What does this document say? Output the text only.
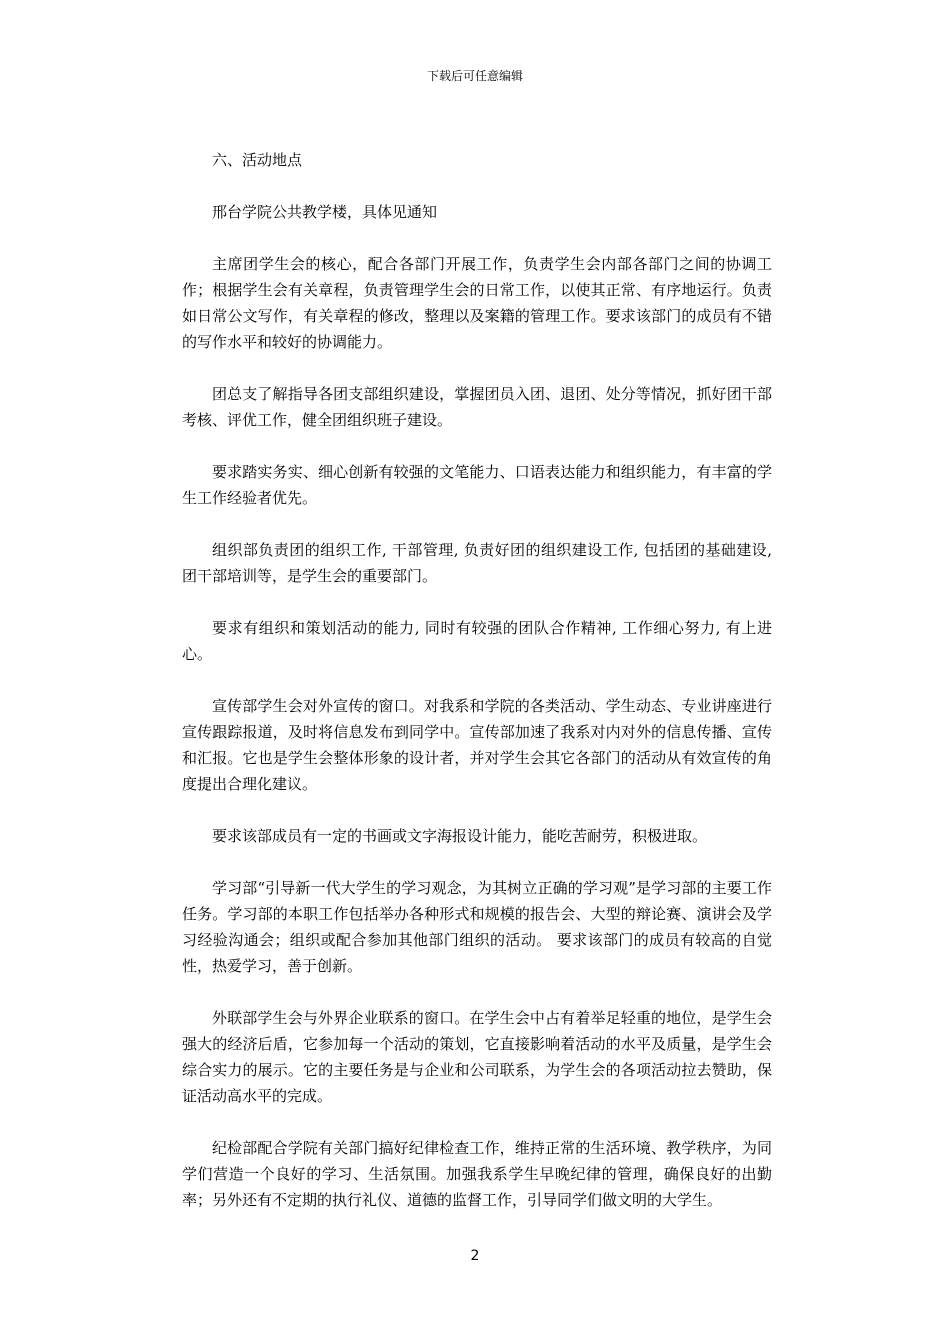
下载后可任意编辑

六、活动地点

邢台学院公共教学楼，具体见通知

主席团学生会的核心，配合各部门开展工作，负责学生会内部各部门之间的协调工作；根据学生会有关章程，负责管理学生会的日常工作，以使其正常、有序地运行。负责如日常公文写作，有关章程的修改，整理以及案籍的管理工作。要求该部门的成员有不错的写作水平和较好的协调能力。

团总支了解指导各团支部组织建设，掌握团员入团、退团、处分等情况，抓好团干部考核、评优工作，健全团组织班子建设。

要求踏实务实、细心创新有较强的文笔能力、口语表达能力和组织能力，有丰富的学生工作经验者优先。

组织部负责团的组织工作, 干部管理, 负责好团的组织建设工作, 包括团的基础建设, 团干部培训等，是学生会的重要部门。

要求有组织和策划活动的能力, 同时有较强的团队合作精神, 工作细心努力, 有上进心。

宣传部学生会对外宣传的窗口。对我系和学院的各类活动、学生动态、专业讲座进行宣传跟踪报道，及时将信息发布到同学中。宣传部加速了我系对内对外的信息传播、宣传和汇报。它也是学生会整体形象的设计者，并对学生会其它各部门的活动从有效宣传的角度提出合理化建议。

要求该部成员有一定的书画或文字海报设计能力，能吃苦耐劳，积极进取。

学习部“引导新一代大学生的学习观念，为其树立正确的学习观”是学习部的主要工作任务。学习部的本职工作包括举办各种形式和规模的报告会、大型的辩论赛、演讲会及学习经验沟通会；组织或配合参加其他部门组织的活动。 要求该部门的成员有较高的自觉性，热爱学习，善于创新。

外联部学生会与外界企业联系的窗口。在学生会中占有着举足轻重的地位，是学生会强大的经济后盾，它参加每一个活动的策划，它直接影响着活动的水平及质量，是学生会综合实力的展示。它的主要任务是与企业和公司联系，为学生会的各项活动拉去赞助，保证活动高水平的完成。

纪检部配合学院有关部门搞好纪律检查工作，维持正常的生活环境、教学秩序，为同学们营造一个良好的学习、生活氛围。加强我系学生早晚纪律的管理，确保良好的出勤率；另外还有不定期的执行礼仪、道德的监督工作，引导同学们做文明的大学生。

2
